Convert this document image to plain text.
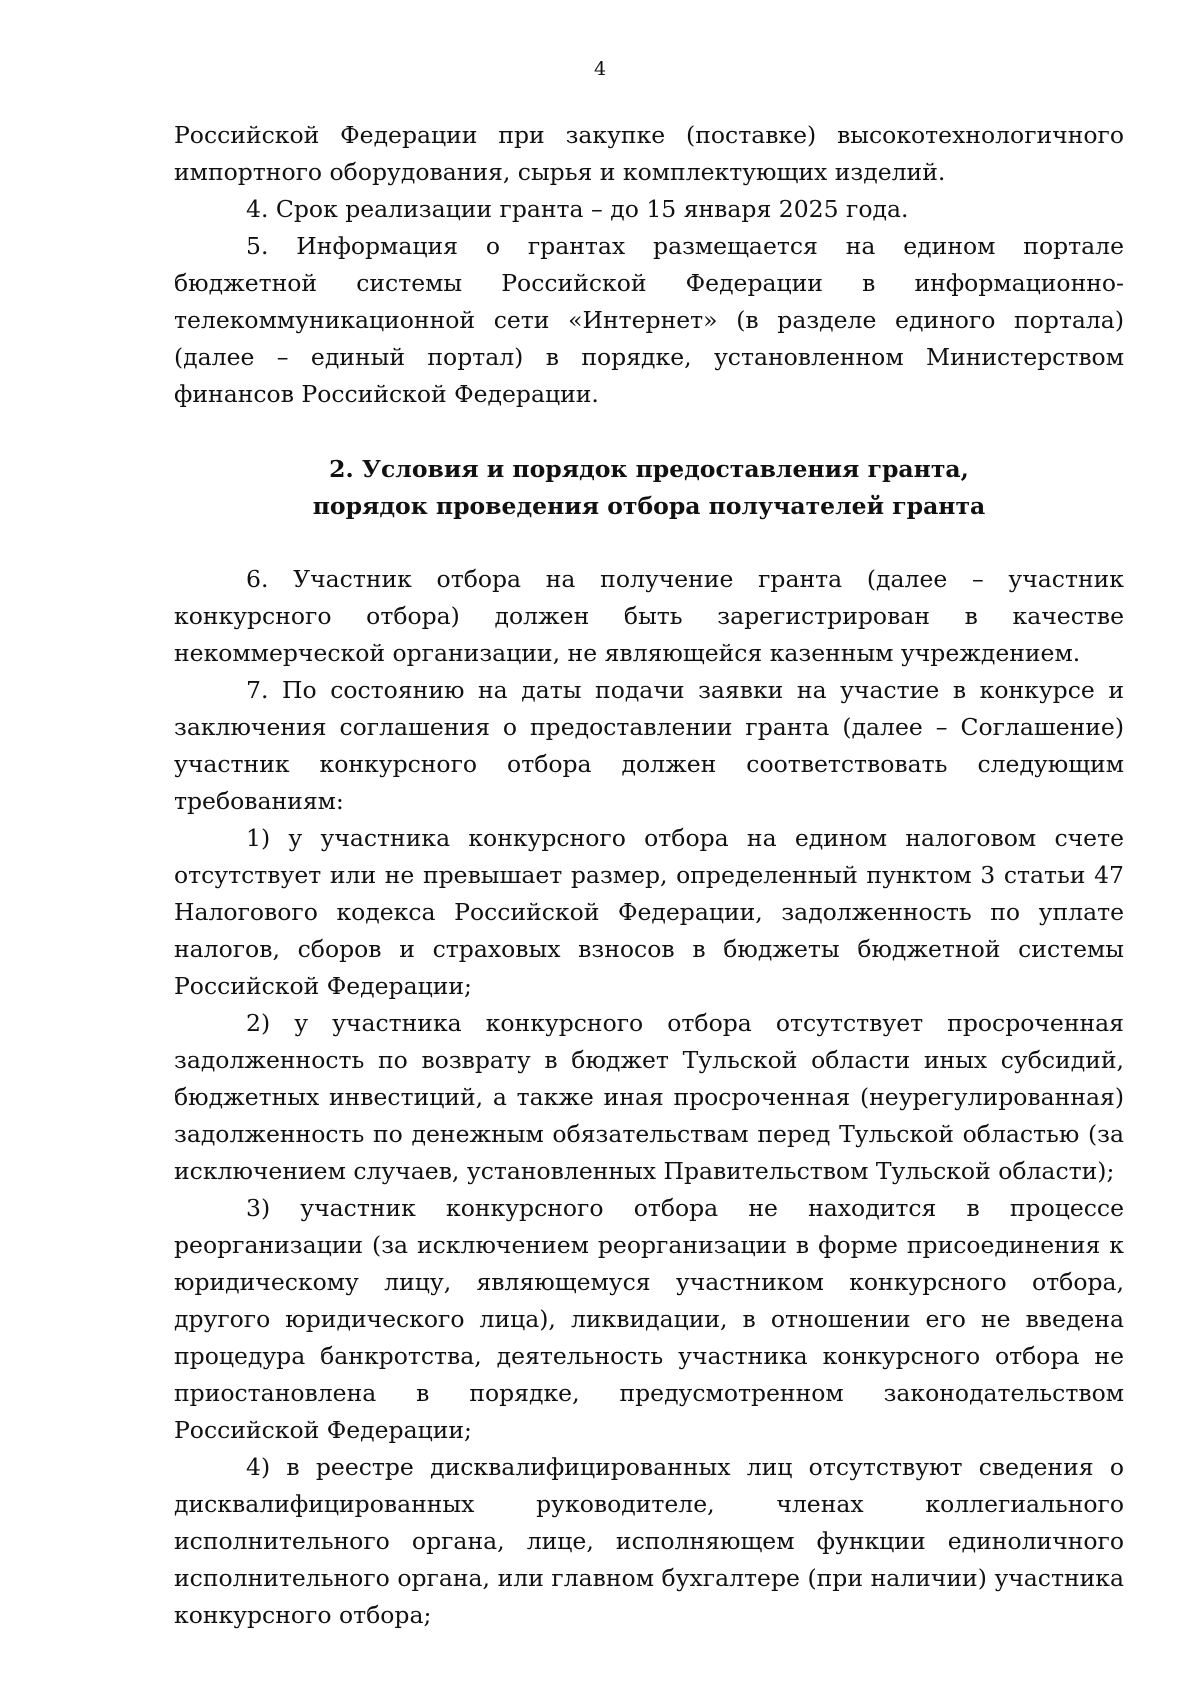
4

Российской Федерации при закупке (поставке) высокотехнологичного импортного оборудования, сырья и комплектующих изделий.

4. Срок реализации гранта – до 15 января 2025 года.

5. Информация о грантах размещается на едином портале бюджетной системы Российской Федерации в информационно-телекоммуникационной сети «Интернет» (в разделе единого портала) (далее – единый портал) в порядке, установленном Министерством финансов Российской Федерации.

2. Условия и порядок предоставления гранта,
порядок проведения отбора получателей гранта

6. Участник отбора на получение гранта (далее – участник конкурсного отбора) должен быть зарегистрирован в качестве некоммерческой организации, не являющейся казенным учреждением.

7. По состоянию на даты подачи заявки на участие в конкурсе и заключения соглашения о предоставлении гранта (далее – Соглашение) участник конкурсного отбора должен соответствовать следующим требованиям:

1) у участника конкурсного отбора на едином налоговом счете отсутствует или не превышает размер, определенный пунктом 3 статьи 47 Налогового кодекса Российской Федерации, задолженность по уплате налогов, сборов и страховых взносов в бюджеты бюджетной системы Российской Федерации;

2) у участника конкурсного отбора отсутствует просроченная задолженность по возврату в бюджет Тульской области иных субсидий, бюджетных инвестиций, а также иная просроченная (неурегулированная) задолженность по денежным обязательствам перед Тульской областью (за исключением случаев, установленных Правительством Тульской области);

3) участник конкурсного отбора не находится в процессе реорганизации (за исключением реорганизации в форме присоединения к юридическому лицу, являющемуся участником конкурсного отбора, другого юридического лица), ликвидации, в отношении его не введена процедура банкротства, деятельность участника конкурсного отбора не приостановлена в порядке, предусмотренном законодательством Российской Федерации;

4) в реестре дисквалифицированных лиц отсутствуют сведения о дисквалифицированных руководителе, членах коллегиального исполнительного органа, лице, исполняющем функции единоличного исполнительного органа, или главном бухгалтере (при наличии) участника конкурсного отбора;
